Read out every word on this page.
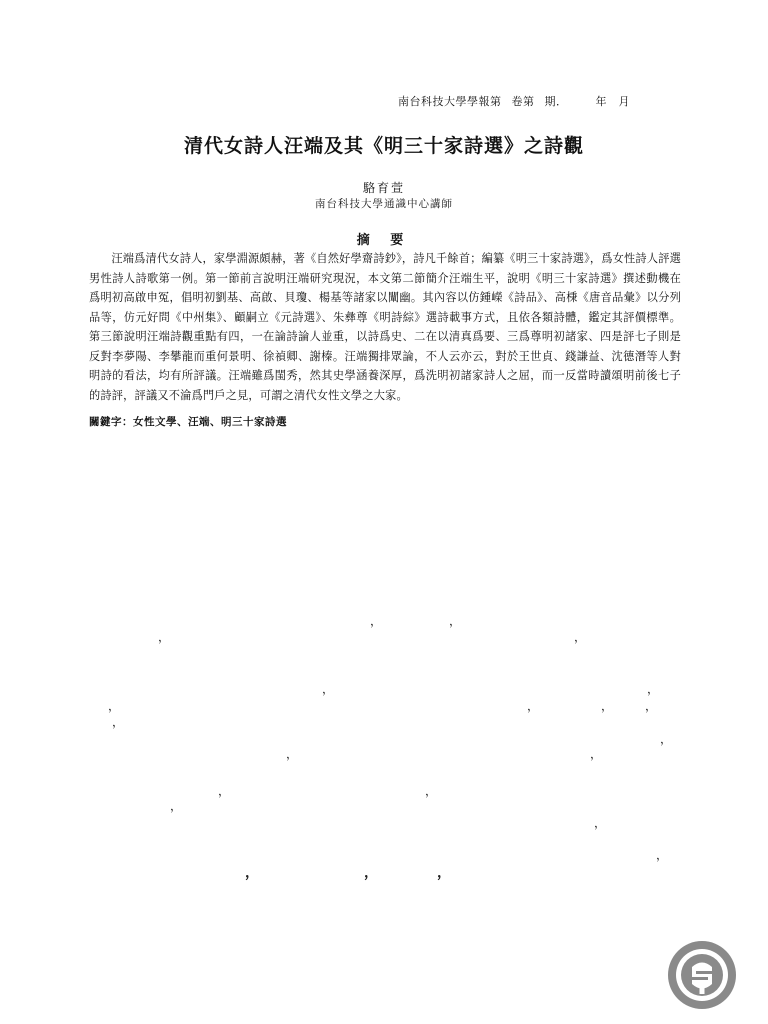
南台科技大學學報第 卷第 期．	年　月
清代女詩人汪端及其《明三十家詩選》之詩觀
駱育萱
南台科技大學通識中心講師
摘 要
汪端爲清代女詩人，家學淵源頗赫，著《自然好學齋詩鈔》，詩凡千餘首；編纂《明三十家詩選》，爲女性詩人評選男性詩人詩歌第一例。第一節前言說明汪端研究現況，本文第二節簡介汪端生平，說明《明三十家詩選》撰述動機在爲明初高啟申冤，倡明初劉基、高啟、貝瓊、楊基等諸家以闡幽。其內容以仿鍾嶸《詩品》、高棅《唐音品彙》以分列品等，仿元好問《中州集》、顧嗣立《元詩選》、朱彝尊《明詩綜》選詩載事方式，且依各類詩體，鑑定其評價標準。第三節說明汪端詩觀重點有四，一在論詩論人並重，以詩爲史、二在以清真爲要、三爲尊明初諸家、四是評七子則是反對李夢陽、李攀龍而重何景明、徐禎卿、謝榛。汪端獨排眾論，不人云亦云，對於王世貞、錢謙益、沈德潛等人對明詩的看法，均有所評議。汪端雖爲閨秀，然其史學涵養深厚，爲洗明初諸家詩人之屈，而一反當時讀頌明前後七子的詩評，評議又不淪爲門戶之見，可謂之清代女性文學之大家。
關鍵字：女性文學、汪端、明三十家詩選
，	，
，	，
，	，
，	，	，	，
，
，
，	，
，	，
，
，
，
，	，	，
